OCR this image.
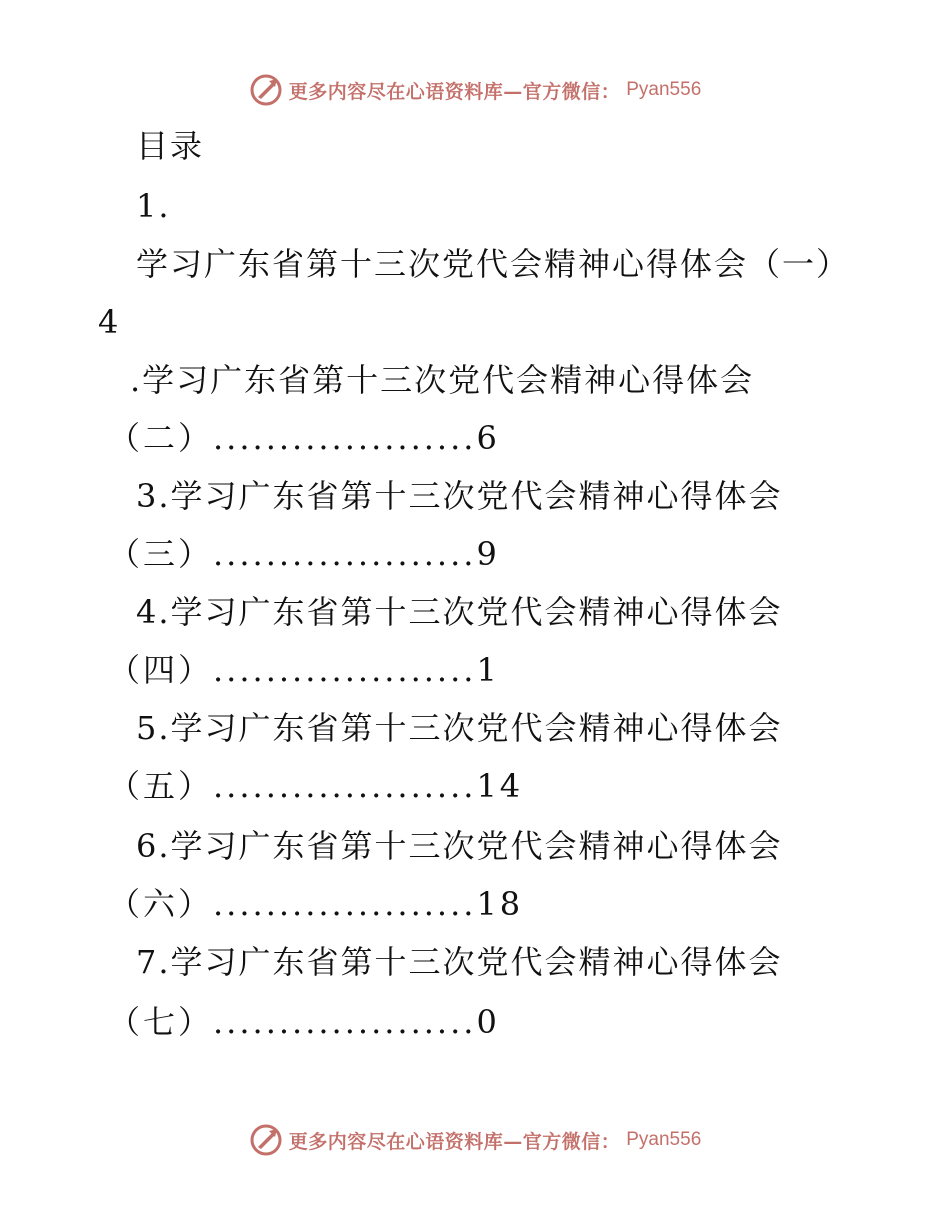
更多内容尽在心语资料库—官方微信： Pyan556
目录
1.
学习广东省第十三次党代会精神心得体会（一）
4
.学习广东省第十三次党代会精神心得体会
（二）....................6
3.学习广东省第十三次党代会精神心得体会
（三）....................9
4.学习广东省第十三次党代会精神心得体会
（四）....................1
5.学习广东省第十三次党代会精神心得体会
（五）....................14
6.学习广东省第十三次党代会精神心得体会
（六）....................18
7.学习广东省第十三次党代会精神心得体会
（七）....................0
更多内容尽在心语资料库—官方微信： Pyan556
